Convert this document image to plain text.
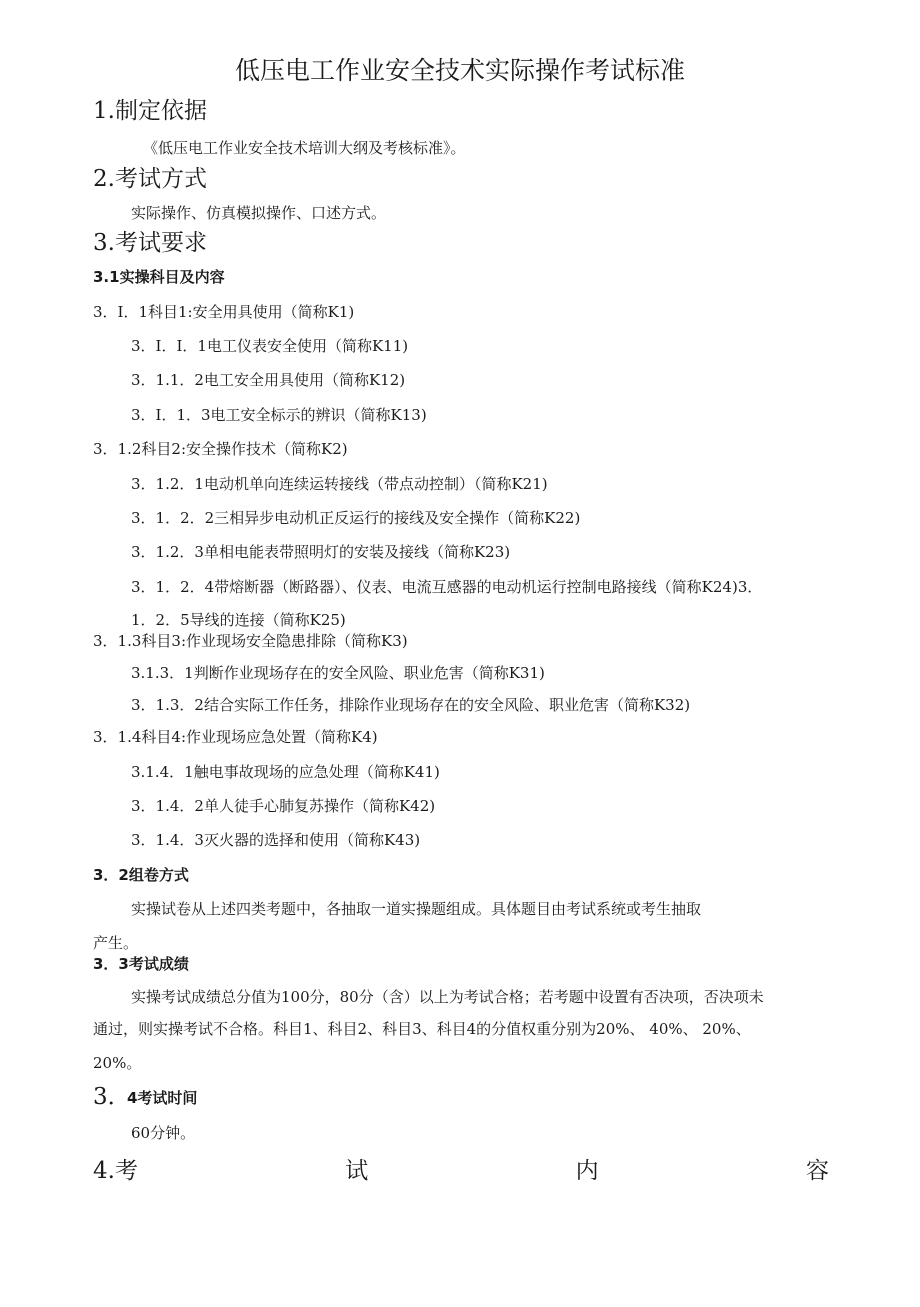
低压电工作业安全技术实际操作考试标准
1.制定依据
《低压电工作业安全技术培训大纲及考核标准》。
2.考试方式
实际操作、仿真模拟操作、口述方式。
3.考试要求
3.1实操科目及内容
3．I．1科目1:安全用具使用（简称K1)
3．I．I．1电工仪表安全使用（简称K11)
3．1.1．2电工安全用具使用（简称K12)
3．I．1．3电工安全标示的辨识（简称K13)
3．1.2科目2:安全操作技术（简称K2)
3．1.2．1电动机单向连续运转接线（带点动控制）（简称K21)
3．1．2．2三相异步电动机正反运行的接线及安全操作（简称K22)
3．1.2．3单相电能表带照明灯的安装及接线（简称K23)
3．1．2．4带熔断器（断路器）、仪表、电流互感器的电动机运行控制电路接线（简称K24)3．
1．2．5导线的连接（简称K25)
3．1.3科目3:作业现场安全隐患排除（简称K3)
3.1.3．1判断作业现场存在的安全风险、职业危害（简称K31)
3．1.3．2结合实际工作任务，排除作业现场存在的安全风险、职业危害（简称K32)
3．1.4科目4:作业现场应急处置（简称K4)
3.1.4．1触电事故现场的应急处理（简称K41)
3．1.4．2单人徒手心肺复苏操作（简称K42)
3．1.4．3灭火器的选择和使用（简称K43)
3．2组卷方式
实操试卷从上述四类考题中，各抽取一道实操题组成。具体题目由考试系统或考生抽取
产生。
3．3考试成绩
实操考试成绩总分值为100分，80分（含）以上为考试合格；若考题中设置有否决项，否决项未
通过，则实操考试不合格。科目1、科目2、科目3、科目4的分值权重分别为20%、 40%、 20%、
20%。
3．
4考试时间
60分钟。
4.考	试	内	容
